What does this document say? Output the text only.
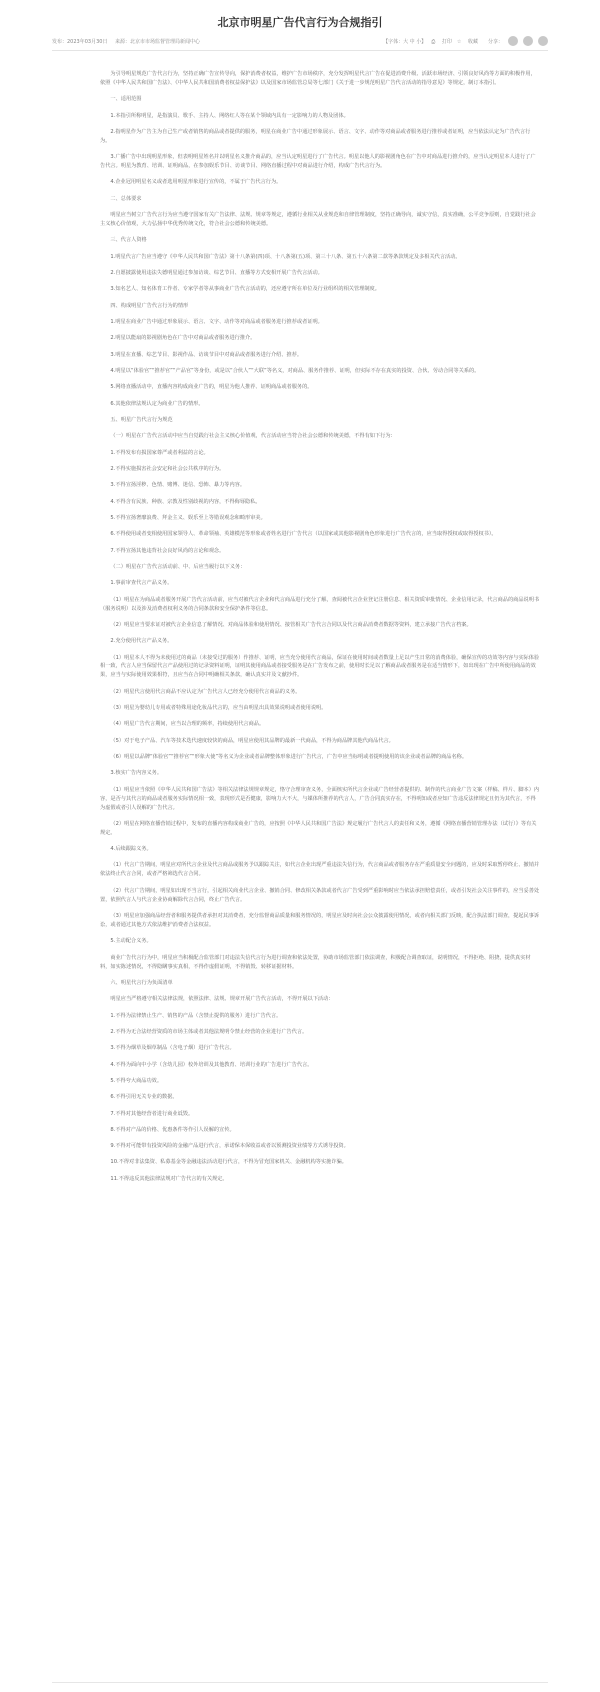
北京市明星广告代言行为合规指引
发布：2023年03月30日 来源：北京市市场监督管理局新闻中心	【字体：大 中 小】 ⎙ 打印 ☆ 收藏 分享：

为引导明星规范广告代言行为，坚持正确广告宣传导向，保护消费者权益，维护广告市场秩序，充分发挥明星代言广告在促进消费升级、活跃市场经济、引领良好风尚等方面的积极作用，依照《中华人民共和国广告法》、《中华人民共和国消费者权益保护法》以及国家市场监管总局等七部门《关于进一步规范明星广告代言活动的指导意见》等规定，制订本指引。

一、适用范围

1.本指引所称明星，是指演员、歌手、主持人、网络红人等在某个领域内具有一定影响力的人物及团体。

2.指明星作为广告主为自己生产或者销售的商品或者提供的服务，明星在商业广告中通过形象展示、语言、文字、动作等对商品或者服务进行推荐或者证明，应当依法认定为广告代言行为。

3.广播广告中出现明星形象，但表明明星姓名并以明星名义推介商品的，应当认定明星进行了广告代言。明星以他人的影视剧角色在广告中对商品进行推介的，应当认定明星本人进行了广告代言。明星为教育、培训、证明商品，在参加娱乐节目、访谈节目、网络直播过程中对商品进行介绍，构成广告代言行为。

4.企业冠用明星名义或者选用明星形象进行宣传的，不属于广告代言行为。

二、总体要求

明星应当树立广告代言行为应当遵守国家有关广告法律、法规、规章等规定，遵循行业相关从业规范和自律管理制度，坚持正确导向，诚实守信，真实准确，公平竞争原则，自觉践行社会主义核心价值观，大力弘扬中华优秀传统文化，符合社会公德和传统美德。

三、代言人资格

1.明星代言广告应当遵守《中华人民共和国广告法》第十八条第(四)项、十八条第(五)项、第三十八条、第五十六条第二款等条款规定及多相关代言活动。

2.自愿披露使用违法失德明星通过参加访谈、综艺节目、直播等方式变相开展广告代言活动。

3.知名艺人、知名体育工作者、专家学者等从事商业广告代言活动的，还应遵守所在单位及行业组织的相关管理制度。

四、构成明星广告代言行为的情形

1.明星在商业广告中通过形象展示、语言、文字、动作等对商品或者服务进行推荐或者证明。

2.明星以能扇的影视剧角色在广告中对商品或者服务进行推介。

3.明星在直播、综艺节目、影视作品、访谈节目中对商品或者服务进行介绍、推荐。

4.明星以“体验官”“推荐官”“产品官”等身份，或是以“合伙人”“大联”等名义，对商品、服务作推荐、证明，但实际不存在真实的投资、合伙、劳动合同等关系的。

5.网络直播活动中，直播内容构成商业广告的，明星为他人推荐、证明商品或者服务的。

6.其他依律法规认定为商业广告的情形。

五、明星广告代言行为规范

（一）明星在广告代言活动中应当自觉践行社会主义核心价值观，代言活动应当符合社会公德和传统美德，不得有如下行为：

1.不得发布有损国家尊严或者利益的言论。

2.不得实施损害社会安定和社会公共秩序的行为。

3.不得宣扬淫秽、色情、赌博、迷信、恐怖、暴力等内容。

4.不得含有民族、种族、宗教及性别歧视的内容，不得侮辱隐私。

5.不得宣扬奢靡浪费、拜金主义、娱乐至上等错误观念和畸形审美。

6.不得使用或者变相使用国家领导人、革命领袖、英雄模范等形象或者姓名进行广告代言（以国家或其他影视剧角色形象进行广告代言的，应当取得授权或取得授权书）。

7.不得宣扬其他违背社会良好风尚的言论和观念。

（二）明星在广告代言活动前、中、后应当履行以下义务：

1.事前审查代言产品义务。

（1）明星在为商品或者服务开展广告代言活动前，应当对被代言企业和代言商品进行充分了解，查阅被代言企业登记注册信息、相关资质审批情况、企业信用记录，代言商品的商品说明书（服务说明）以及涉及消费者权利义务的合同条款和安全保护条件等信息。

（2）明星应当要求证对被代言企业信息了解情况、对商品体验和使用情况、接管相关广告代言合同以及代言商品消费者数据等资料，建立承接广告代言档案。

2.充分使用代言产品义务。

（1）明星本人不得为未使用过的商品（未接受过的服务）作推荐、证明，应当充分使用代言商品，保证在使用时间或者数量上足以产生日常的消费体验，确保宣传的功效等内容与实际体验相一致，代言人应当保留代言产品使用过的记录资料证明，证明其使用商品或者接受服务是在广告发布之前，使用时长足以了解商品或者服务是在适当情形下，如出现在广告中所使用商品的效果，应当与实际使用效果相符，且应当在合同中明确相关条款，确认真实并及文献抄件。

（2）明星代言使用代言商品不应认定为广告代言人已经充分使用代言商品的义务。

（3）明星为婴幼儿专用或者特殊用途化妆品代言的，应当由明星出具效果说明或者使用说明。

（4）明星广告代言期间，应当以合理的频率，持续使用代言商品。

（5）对于电子产品、汽车等技术迭代速度较快的商品，明星应使用其品牌的最新一代商品，不得为商品牌其他代商品代言。

（6）明星以品牌“体验官”“推荐官”“形象大使”等名义为企业或者品牌整体形象进行广告代言，广告中应当标明或者提明使用的该企业或者品牌的商品名称。

3.核实广告内容义务。

（1）明星应当依照《中华人民共和国广告法》等相关法律法规规章规定，恪守合理审查义务，全面核实所代言企业或广告经营者提供的、制作的代言商业广告文案（样稿、样片、脚本）内容，是否与其代言的商品或者服务实际情况相一致，表现形式是否健康，影响力大不大，与媒体所推荐的代言人，广告合同真实存在，不得明知或者应知广告违反法律规定且仍为其代言，不得为虚假或者引人误解的广告代言。

（2）明星在网络直播营销过程中，发布的直播内容构成商业广告的，应按照《中华人民共和国广告法》规定履行广告代言人的责任和义务，遵循《网络直播营销管理办法（试行）》等有关规定。

4.后续跟踪义务。

（1）代言广告期间，明星应对所代言企业及代言商品或服务予以跟踪关注，如代言企业出现严重违法失信行为，代言商品或者服务存在严重质量安全问题的，应及时采取暂停终止、撤销并依法终止代言合同，或者严格筛选代言合同。

（2）代言广告期间，明星如出现不当言行，引起相关商业代言企业、撤销合同、修改相关条款或者代言广告受到严重影响时应当依法承担赔偿责任，或者引发社会关注事件的，应当妥善处置，依照代言人与代言企业协商解除代言合同，终止广告代言。

（3）明星应加强商品经营者和服务提供者承担对其消费者，充分监督商品质量和服务情况的，明星应及时向社会公众披露使用情况，或者向相关部门反映，配合执法部门调查，提起民事诉讼，或者通过其他方式依法维护消费者合法权益。

5.主动配合义务。

商业广告代言行为中，明星应当积极配合监管部门对违法失信代言行为进行调查和依法处置，协助市场监管部门依法调查，积极配合调查取证，说明情况，不得拒绝、阻挠，提供真实材料，如实陈述情况，不得隐瞒事实真相，不得作虚假证明，不得销毁、转移证据材料。

六、明星代言行为负面清单

明星应当严格遵守相关法律法规，依照法律、法规、规章开展广告代言活动，不得开展以下活动：

1.不得为法律禁止生产、销售的产品（含禁止提供的服务）进行广告代言。

2.不得为无合法经营资质的市场主体或者其他法规明令禁止经营的企业进行广告代言。

3.不得为烟草及烟草制品（含电子烟）进行广告代言。

4.不得为面向中小学（含幼儿园）校外培训及其他教育、培训行业的广告进行广告代言。

5.不得夸大商品功效。

6.不得引用无关专业的数据。

7.不得对其他经营者进行商业诋毁。

8.不得对产品的价格、优惠条件等作引人误解的宣传。

9.不得对可能带有投资风险的金融产品进行代言，承诺保本保收益或者以预测投资业绩等方式诱导投资。

10.不得对非法集资、私募基金等金融违法活动进行代言，不得为冒充国家机关、金融机构等实施诈骗。

11.不得违反其他法律法规对广告代言的有关规定。
